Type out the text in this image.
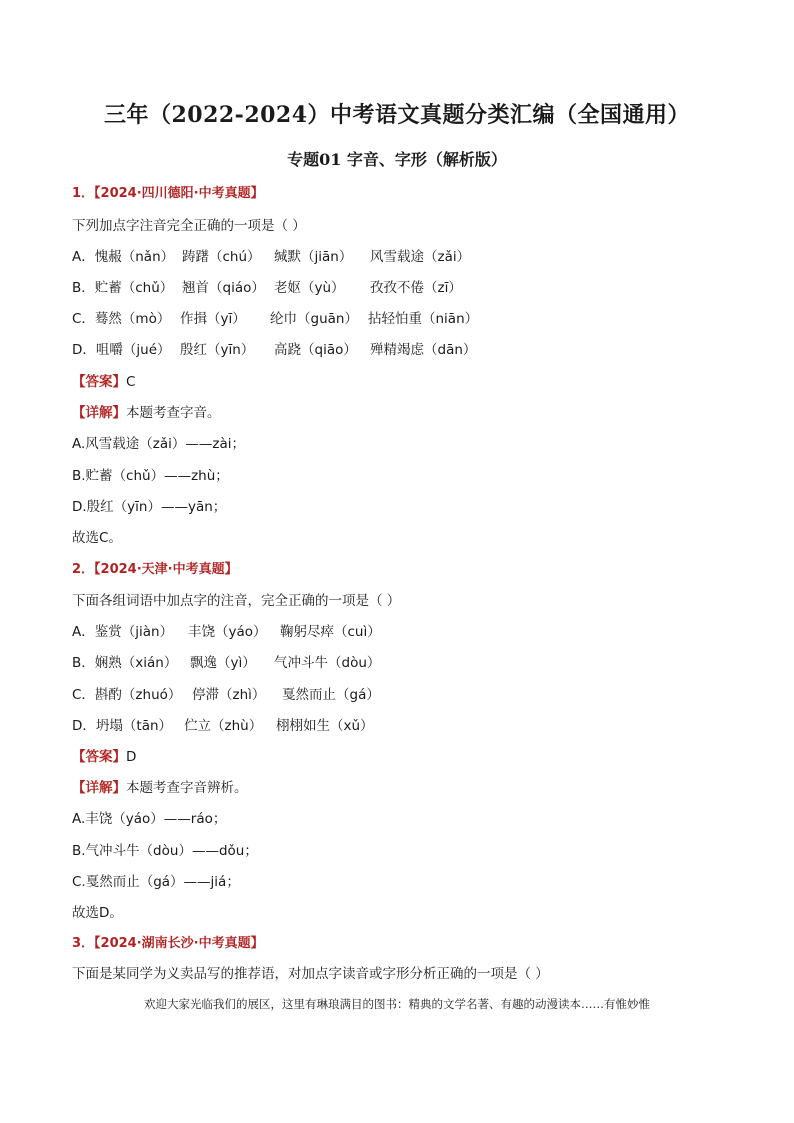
三年（2022-2024）中考语文真题分类汇编（全国通用）
专题01 字音、字形（解析版）
1．【2024·四川德阳·中考真题】
下列加点字注音完全正确的一项是（ ）
A．愧赧（nǎn） 踌躇（chú） 缄默（jiān） 风雪载途（zǎi）
B．贮蓄（chǔ） 翘首（qiáo） 老妪（yù） 孜孜不倦（zī）
C．蓦然（mò） 作揖（yī） 纶巾（guān） 拈轻怕重（niān）
D．咀嚼（jué） 殷红（yīn） 高跷（qiāo） 殚精竭虑（dān）
【答案】C
【详解】本题考查字音。
A.风雪载途（zǎi）——zài；
B.贮蓄（chǔ）——zhù；
D.殷红（yīn）——yān；
故选C。
2．【2024·天津·中考真题】
下面各组词语中加点字的注音，完全正确的一项是（ ）
A．鉴赏（jiàn） 丰饶（yáo） 鞠躬尽瘁（cuì）
B．娴熟（xián） 飘逸（yì） 气冲斗牛（dòu）
C．斟酌（zhuó） 停滞（zhì） 戛然而止（gá）
D．坍塌（tān） 伫立（zhù） 栩栩如生（xǔ）
【答案】D
【详解】本题考查字音辨析。
A.丰饶（yáo）——ráo；
B.气冲斗牛（dòu）——dǒu；
C.戛然而止（gá）——jiá；
故选D。
3．【2024·湖南长沙·中考真题】
下面是某同学为义卖品写的推荐语，对加点字读音或字形分析正确的一项是（ ）
欢迎大家光临我们的展区，这里有琳琅满目的图书：精典的文学名著、有趣的动漫读本……有惟妙惟
